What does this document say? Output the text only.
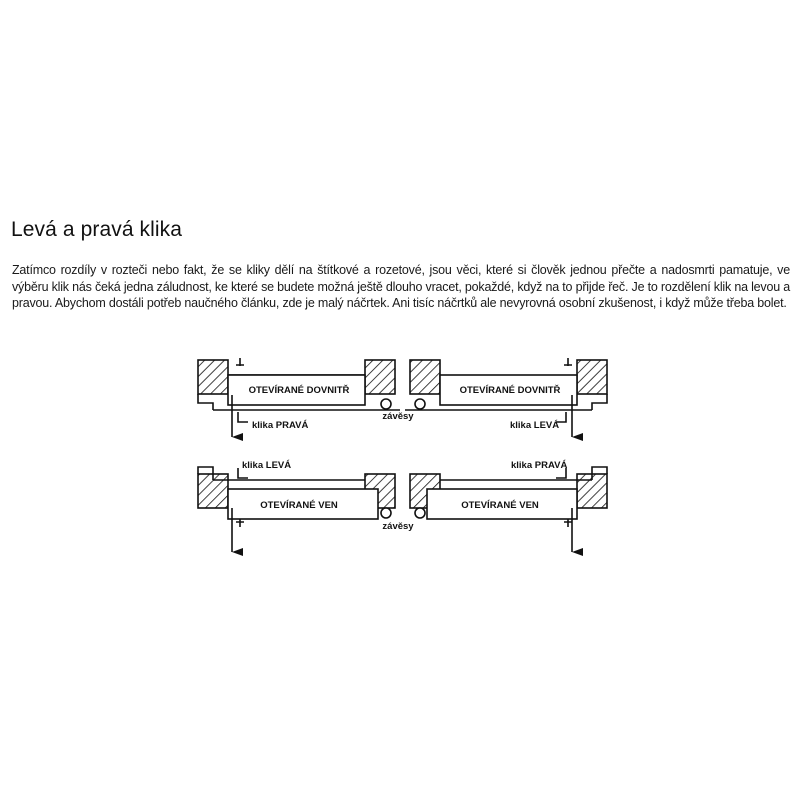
Levá a pravá klika

Zatímco rozdíly v rozteči nebo fakt, že se kliky dělí na štítkové a rozetové, jsou věci, které si člověk jednou přečte a nadosmrti pamatuje, ve výběru klik nás čeká jedna záludnost, ke které se budete možná ještě dlouho vracet, pokaždé, když na to přijde řeč. Je to rozdělení klik na levou a pravou. Abychom dostáli potřeb naučného článku, zde je malý náčrtek. Ani tisíc náčrtků ale nevyrovná osobní zkušenost, i když může třeba bolet.

OTEVÍRANÉ DOVNITŘ
klika PRAVÁ
závěsy
OTEVÍRANÉ DOVNITŘ
klika LEVÁ
klika LEVÁ
OTEVÍRANÉ VEN
závěsy
klika PRAVÁ
OTEVÍRANÉ VEN
